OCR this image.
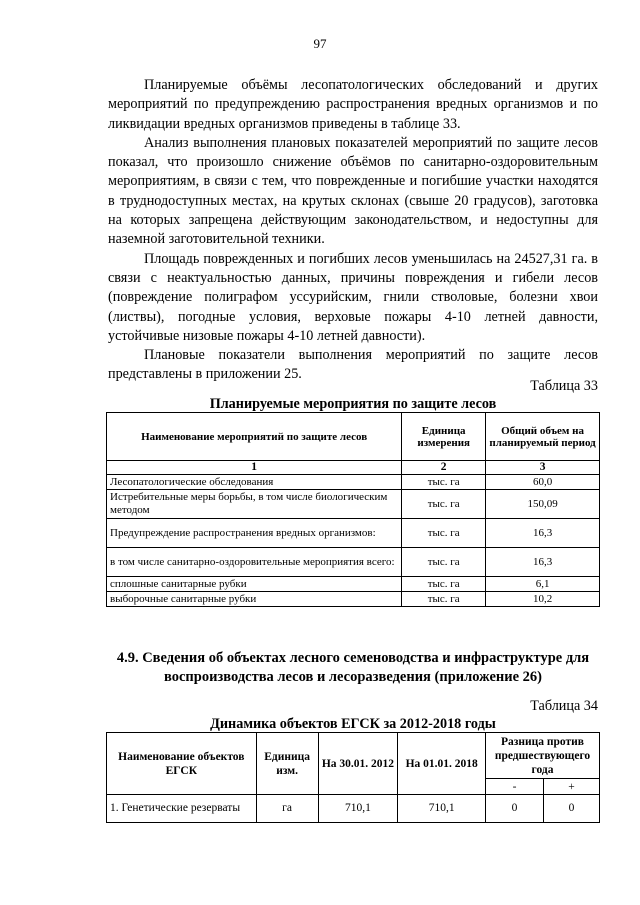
97

Планируемые объёмы лесопатологических обследований и других мероприятий по предупреждению распространения вредных организмов и по ликвидации вредных организмов приведены в таблице 33.

Анализ выполнения плановых показателей мероприятий по защите лесов показал, что произошло снижение объёмов по санитарно-оздоровительным мероприятиям, в связи с тем, что поврежденные и погибшие участки находятся в труднодоступных местах, на крутых склонах (свыше 20 градусов), заготовка на которых запрещена действующим законодательством, и недоступны для наземной заготовительной техники.

Площадь поврежденных и погибших лесов уменьшилась на 24527,31 га. в связи с неактуальностью данных, причины повреждения и гибели лесов (повреждение полиграфом уссурийским, гнили стволовые, болезни хвои (листвы), погодные условия, верховые пожары 4-10 летней давности, устойчивые низовые пожары 4-10 летней давности).

Плановые показатели выполнения мероприятий по защите лесов представлены в приложении 25.

Таблица 33
Планируемые мероприятия по защите лесов
Наименование мероприятий по защите лесов	Единица измерения	Общий объем на планируемый период
1	2	3
Лесопатологические обследования	тыс. га	60,0
Истребительные меры борьбы, в том числе биологическим методом	тыс. га	150,09
Предупреждение распространения вредных организмов:	тыс. га	16,3
в том числе санитарно-оздоровительные мероприятия всего:	тыс. га	16,3
сплошные санитарные рубки	тыс. га	6,1
выборочные санитарные рубки	тыс. га	10,2
4.9. Сведения об объектах лесного семеноводства и инфраструктуре для воспроизводства лесов и лесоразведения (приложение 26)
Таблица 34
Динамика объектов ЕГСК за 2012-2018 годы
Наименование объектов ЕГСК	Единица изм.	На 30.01. 2012	На 01.01. 2018	Разница против предшествующего года	
				-	+
1. Генетические резерваты	га	710,1	710,1	0	0
